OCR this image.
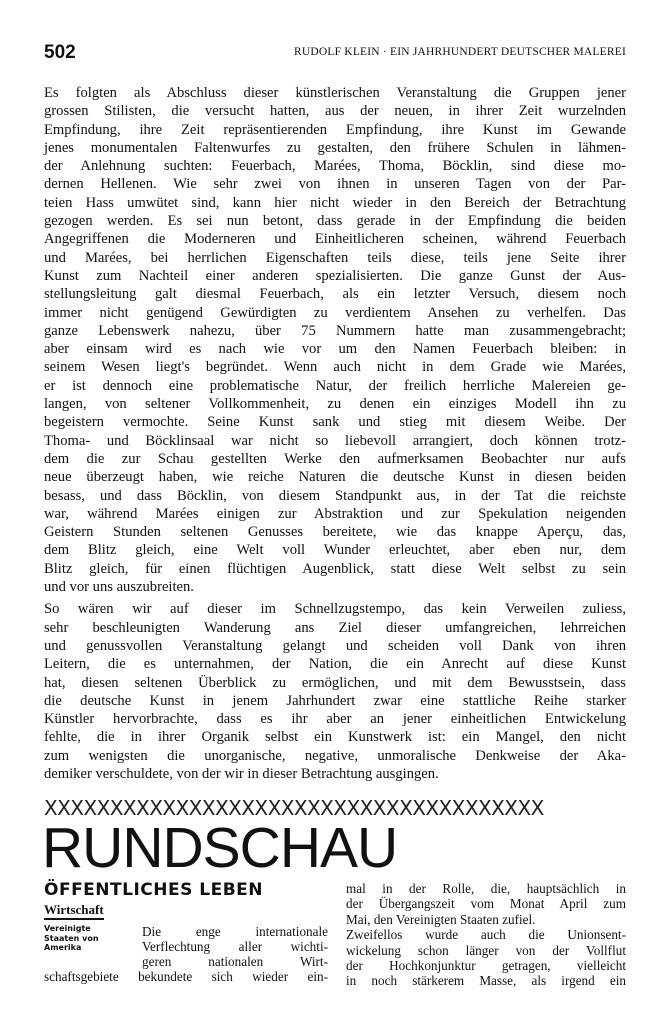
502	RUDOLF KLEIN · EIN JAHRHUNDERT DEUTSCHER MALEREI
Es folgten als Abschluss dieser künstlerischen Veranstaltung die Gruppen jener
grossen Stilisten, die versucht hatten, aus der neuen, in ihrer Zeit wurzelnden
Empfindung, ihre Zeit repräsentierenden Empfindung, ihre Kunst im Gewande
jenes monumentalen Faltenwurfes zu gestalten, den frühere Schulen in lähmen-
der Anlehnung suchten: Feuerbach, Marées, Thoma, Böcklin, sind diese mo-
dernen Hellenen. Wie sehr zwei von ihnen in unseren Tagen von der Par-
teien Hass umwütet sind, kann hier nicht wieder in den Bereich der Betrachtung
gezogen werden. Es sei nun betont, dass gerade in der Empfindung die beiden
Angegriffenen die Moderneren und Einheitlicheren scheinen, während Feuerbach
und Marées, bei herrlichen Eigenschaften teils diese, teils jene Seite ihrer
Kunst zum Nachteil einer anderen spezialisierten. Die ganze Gunst der Aus-
stellungsleitung galt diesmal Feuerbach, als ein letzter Versuch, diesem noch
immer nicht genügend Gewürdigten zu verdientem Ansehen zu verhelfen. Das
ganze Lebenswerk nahezu, über 75 Nummern hatte man zusammengebracht;
aber einsam wird es nach wie vor um den Namen Feuerbach bleiben: in
seinem Wesen liegt's begründet. Wenn auch nicht in dem Grade wie Marées,
er ist dennoch eine problematische Natur, der freilich herrliche Malereien ge-
langen, von seltener Vollkommenheit, zu denen ein einziges Modell ihn zu
begeistern vermochte. Seine Kunst sank und stieg mit diesem Weibe. Der
Thoma- und Böcklinsaal war nicht so liebevoll arrangiert, doch können trotz-
dem die zur Schau gestellten Werke den aufmerksamen Beobachter nur aufs
neue überzeugt haben, wie reiche Naturen die deutsche Kunst in diesen beiden
besass, und dass Böcklin, von diesem Standpunkt aus, in der Tat die reichste
war, während Marées einigen zur Abstraktion und zur Spekulation neigenden
Geistern Stunden seltenen Genusses bereitete, wie das knappe Aperçu, das,
dem Blitz gleich, eine Welt voll Wunder erleuchtet, aber eben nur, dem
Blitz gleich, für einen flüchtigen Augenblick, statt diese Welt selbst zu sein
und vor uns auszubreiten.
So wären wir auf dieser im Schnellzugstempo, das kein Verweilen zuliess,
sehr beschleunigten Wanderung ans Ziel dieser umfangreichen, lehrreichen
und genussvollen Veranstaltung gelangt und scheiden voll Dank von ihren
Leitern, die es unternahmen, der Nation, die ein Anrecht auf diese Kunst
hat, diesen seltenen Überblick zu ermöglichen, und mit dem Bewusstsein, dass
die deutsche Kunst in jenem Jahrhundert zwar eine stattliche Reihe starker
Künstler hervorbrachte, dass es ihr aber an jener einheitlichen Entwickelung
fehlte, die in ihrer Organik selbst ein Kunstwerk ist: ein Mangel, den nicht
zum wenigsten die unorganische, negative, unmoralische Denkweise der Aka-
demiker verschuldete, von der wir in dieser Betrachtung ausgingen.
XXXXXXXXXXXXXXXXXXXXXXXXXXXXXXXXXXXXXX
RUNDSCHAU
ÖFFENTLICHES LEBEN
Wirtschaft
Vereinigte
Staaten von
Amerika
Die enge internationale
Verflechtung aller wichti-
geren nationalen Wirt-
schaftsgebiete bekundete sich wieder ein-
mal in der Rolle, die, hauptsächlich in
der Übergangszeit vom Monat April zum
Mai, den Vereinigten Staaten zufiel.
Zweifellos wurde auch die Unionsent-
wickelung schon länger von der Vollflut
der Hochkonjunktur getragen, vielleicht
in noch stärkerem Masse, als irgend ein
